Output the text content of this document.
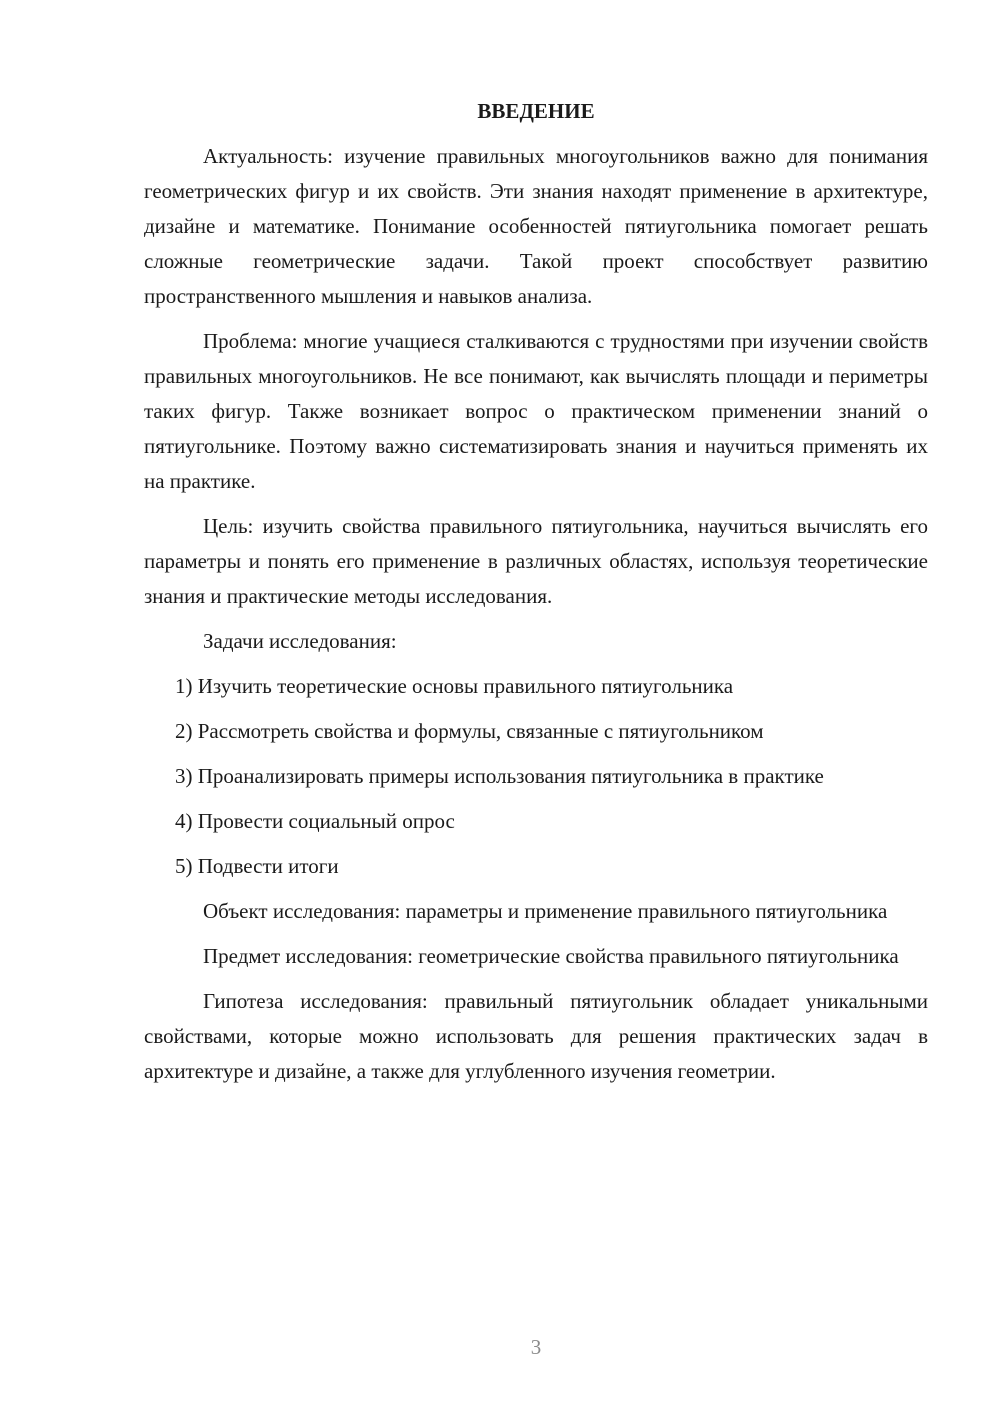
ВВЕДЕНИЕ

Актуальность: изучение правильных многоугольников важно для понимания геометрических фигур и их свойств. Эти знания находят применение в архитектуре, дизайне и математике. Понимание особенностей пятиугольника помогает решать сложные геометрические задачи. Такой проект способствует развитию пространственного мышления и навыков анализа.

Проблема: многие учащиеся сталкиваются с трудностями при изучении свойств правильных многоугольников. Не все понимают, как вычислять площади и периметры таких фигур. Также возникает вопрос о практическом применении знаний о пятиугольнике. Поэтому важно систематизировать знания и научиться применять их на практике.

Цель: изучить свойства правильного пятиугольника, научиться вычислять его параметры и понять его применение в различных областях, используя теоретические знания и практические методы исследования.

Задачи исследования:

1) Изучить теоретические основы правильного пятиугольника

2) Рассмотреть свойства и формулы, связанные с пятиугольником

3) Проанализировать примеры использования пятиугольника в практике

4) Провести социальный опрос

5) Подвести итоги

Объект исследования: параметры и применение правильного пятиугольника

Предмет исследования: геометрические свойства правильного пятиугольника

Гипотеза исследования: правильный пятиугольник обладает уникальными свойствами, которые можно использовать для решения практических задач в архитектуре и дизайне, а также для углубленного изучения геометрии.

3
